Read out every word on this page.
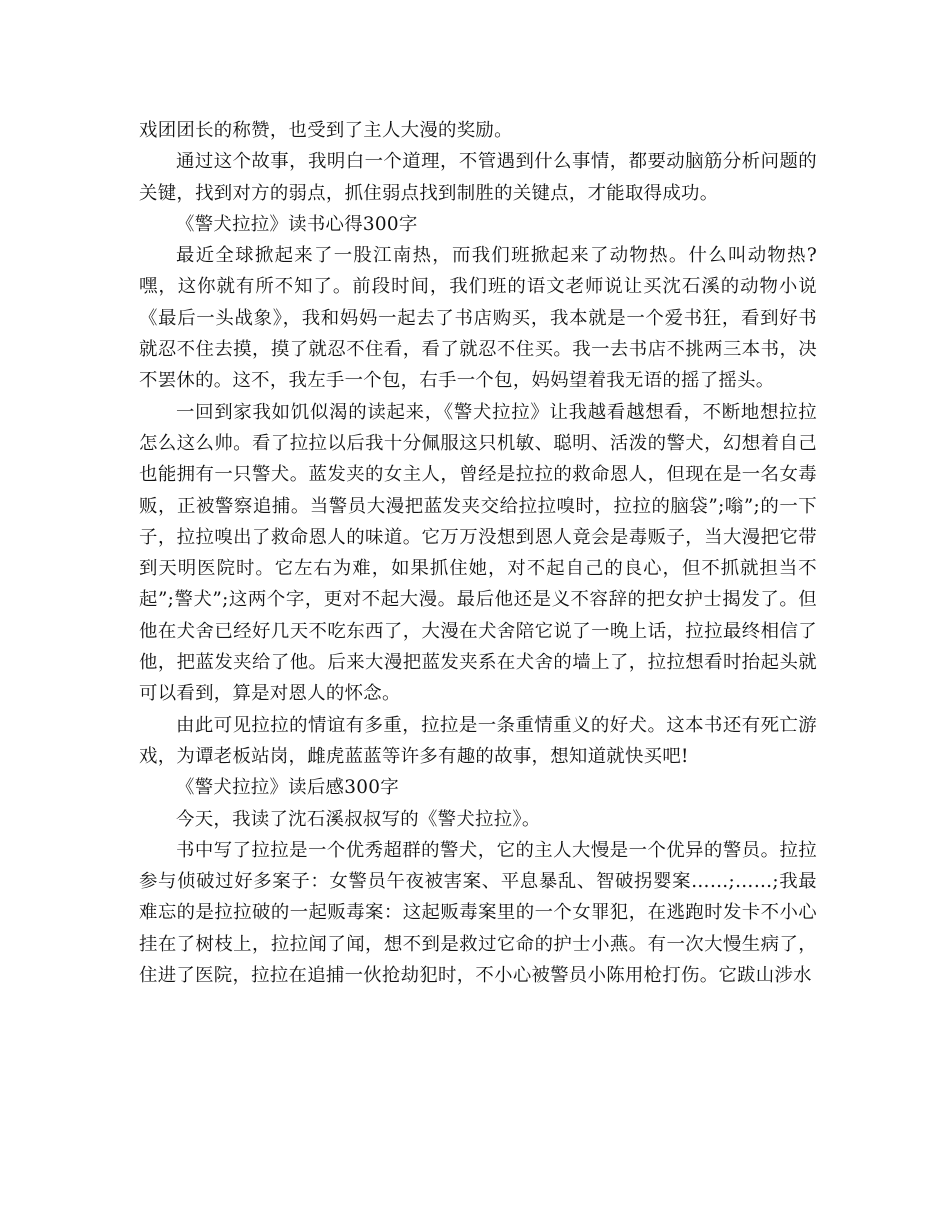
戏团团长的称赞，也受到了主人大漫的奖励。

通过这个故事，我明白一个道理，不管遇到什么事情，都要动脑筋分析问题的关键，找到对方的弱点，抓住弱点找到制胜的关键点，才能取得成功。

《警犬拉拉》读书心得300字

最近全球掀起来了一股江南热，而我们班掀起来了动物热。什么叫动物热?嘿，这你就有所不知了。前段时间，我们班的语文老师说让买沈石溪的动物小说《最后一头战象》，我和妈妈一起去了书店购买，我本就是一个爱书狂，看到好书就忍不住去摸，摸了就忍不住看，看了就忍不住买。我一去书店不挑两三本书，决不罢休的。这不，我左手一个包，右手一个包，妈妈望着我无语的摇了摇头。

一回到家我如饥似渴的读起来，《警犬拉拉》让我越看越想看，不断地想拉拉怎么这么帅。看了拉拉以后我十分佩服这只机敏、聪明、活泼的警犬，幻想着自己也能拥有一只警犬。蓝发夹的女主人，曾经是拉拉的救命恩人，但现在是一名女毒贩，正被警察追捕。当警员大漫把蓝发夹交给拉拉嗅时，拉拉的脑袋”;嗡”;的一下子，拉拉嗅出了救命恩人的味道。它万万没想到恩人竟会是毒贩子，当大漫把它带到天明医院时。它左右为难，如果抓住她，对不起自己的良心，但不抓就担当不起”;警犬”;这两个字，更对不起大漫。最后他还是义不容辞的把女护士揭发了。但他在犬舍已经好几天不吃东西了，大漫在犬舍陪它说了一晚上话，拉拉最终相信了他，把蓝发夹给了他。后来大漫把蓝发夹系在犬舍的墙上了，拉拉想看时抬起头就可以看到，算是对恩人的怀念。

由此可见拉拉的情谊有多重，拉拉是一条重情重义的好犬。这本书还有死亡游戏，为谭老板站岗，雌虎蓝蓝等许多有趣的故事，想知道就快买吧!

《警犬拉拉》读后感300字

今天，我读了沈石溪叔叔写的《警犬拉拉》。

书中写了拉拉是一个优秀超群的警犬，它的主人大慢是一个优异的警员。拉拉参与侦破过好多案子：女警员午夜被害案、平息暴乱、智破拐婴案……;……;我最难忘的是拉拉破的一起贩毒案：这起贩毒案里的一个女罪犯，在逃跑时发卡不小心挂在了树枝上，拉拉闻了闻，想不到是救过它命的护士小燕。有一次大慢生病了，住进了医院，拉拉在追捕一伙抢劫犯时，不小心被警员小陈用枪打伤。它跋山涉水
